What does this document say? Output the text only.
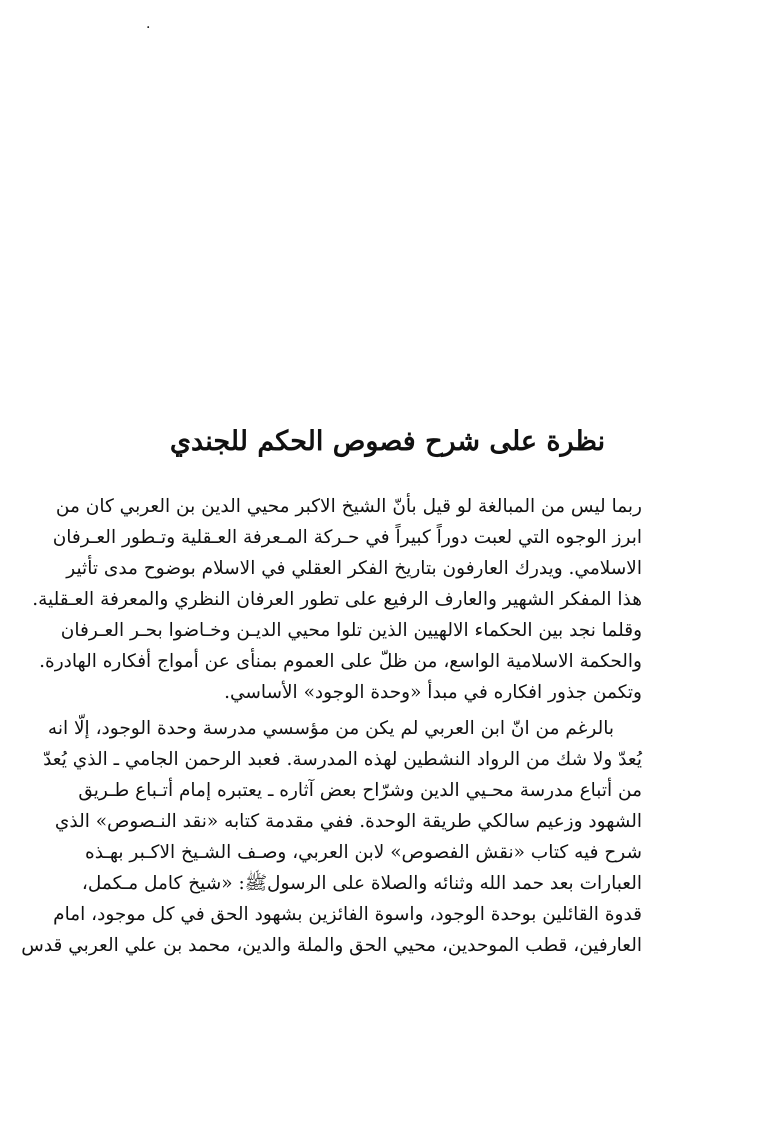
·
نظرة على شرح فصوص الحكم للجندي

ربما ليس من المبالغة لو قيل بأنّ الشيخ الاكبر محيي الدين بن العربي كان من
ابرز الوجوه التي لعبت دوراً كبيراً في حـركة المـعرفة العـقلية وتـطور العـرفان
الاسلامي. ويدرك العارفون بتاريخ الفكر العقلي في الاسلام بوضوح مدى تأثير
هذا المفكر الشهير والعارف الرفيع على تطور العرفان النظري والمعرفة العـقلية.
وقلما نجد بين الحكماء الالهيين الذين تلوا محيي الديـن وخـاضوا بحـر العـرفان
والحكمة الاسلامية الواسع، من ظلّ على العموم بمنأى عن أمواج أفكاره الهادرة.
وتكمن جذور افكاره في مبدأ «وحدة الوجود» الأساسي.

بالرغم من انّ ابن العربي لم يكن من مؤسسي مدرسة وحدة الوجود، إلّا انه
يُعدّ ولا شك من الرواد النشطين لهذه المدرسة. فعبد الرحمن الجامي ـ الذي يُعدّ
من أتباع مدرسة محـيي الدين وشرّاح بعض آثاره ـ يعتبره إمام أتـباع طـريق
الشهود وزعيم سالكي طريقة الوحدة. ففي مقدمة كتابه «نقد النـصوص» الذي
شرح فيه كتاب «نقش الفصوص» لابن العربي، وصـف الشـيخ الاكـبر بهـذه
العبارات بعد حمد الله وثنائه والصلاة على الرسولﷺ: «شيخ كامل مـكمل،
قدوة القائلين بوحدة الوجود، واسوة الفائزين بشهود الحق في كل موجود، امام
العارفين، قطب الموحدين، محيي الحق والملة والدين، محمد بن علي العربي قدس
